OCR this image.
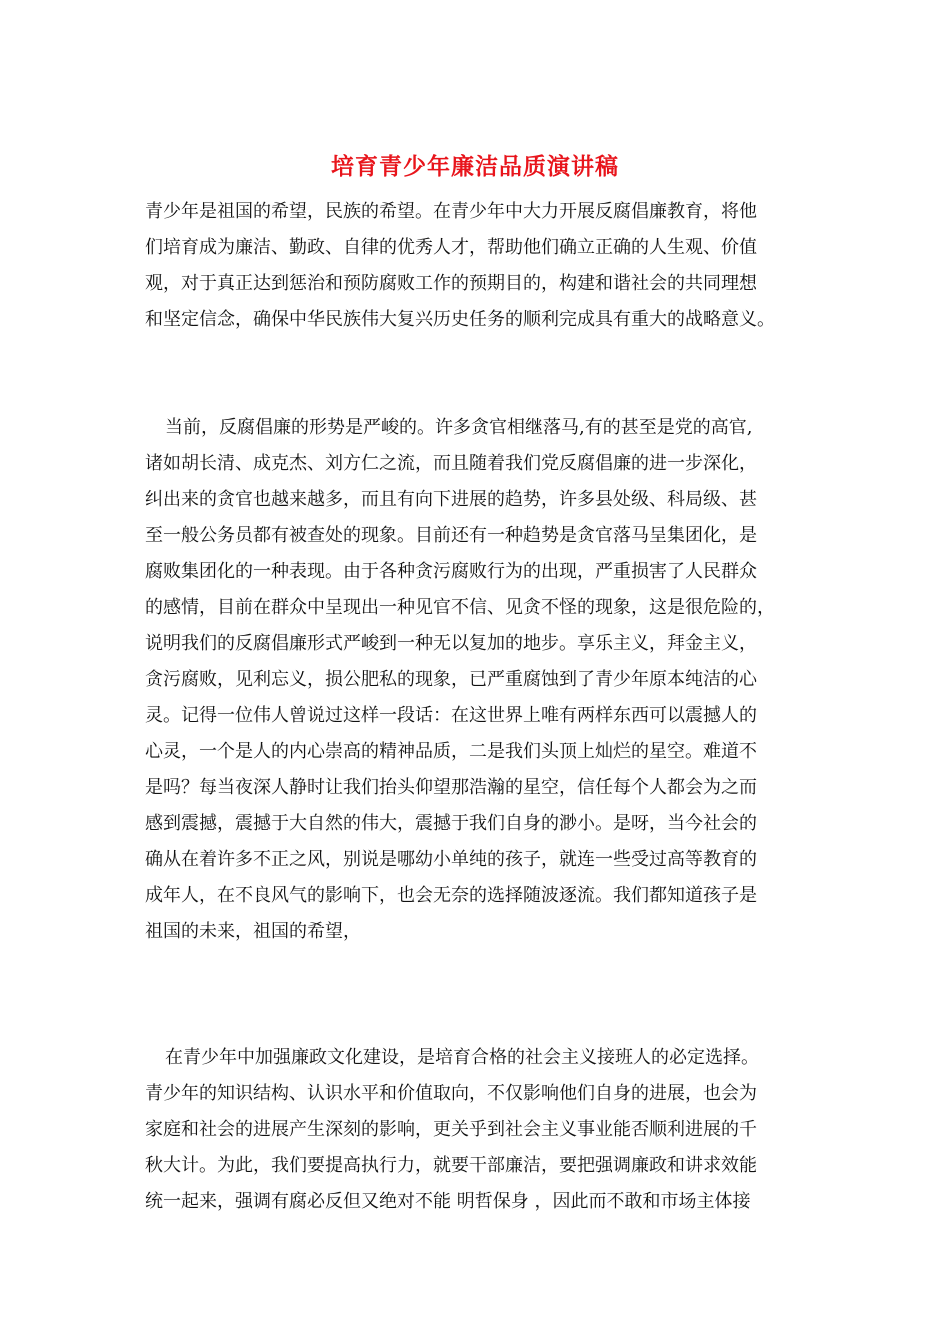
培育青少年廉洁品质演讲稿
青少年是祖国的希望，民族的希望。在青少年中大力开展反腐倡廉教育，将他
们培育成为廉洁、勤政、自律的优秀人才，帮助他们确立正确的人生观、价值
观，对于真正达到惩治和预防腐败工作的预期目的，构建和谐社会的共同理想
和坚定信念，确保中华民族伟大复兴历史任务的顺利完成具有重大的战略意义。
当前，反腐倡廉的形势是严峻的。许多贪官相继落马,有的甚至是党的高官,
诸如胡长清、成克杰、刘方仁之流，而且随着我们党反腐倡廉的进一步深化，
纠出来的贪官也越来越多，而且有向下进展的趋势，许多县处级、科局级、甚
至一般公务员都有被查处的现象。目前还有一种趋势是贪官落马呈集团化，是
腐败集团化的一种表现。由于各种贪污腐败行为的出现，严重损害了人民群众
的感情，目前在群众中呈现出一种见官不信、见贪不怪的现象，这是很危险的，
说明我们的反腐倡廉形式严峻到一种无以复加的地步。享乐主义，拜金主义，
贪污腐败，见利忘义，损公肥私的现象，已严重腐蚀到了青少年原本纯洁的心
灵。记得一位伟人曾说过这样一段话：在这世界上唯有两样东西可以震撼人的
心灵，一个是人的内心崇高的精神品质，二是我们头顶上灿烂的星空。难道不
是吗？每当夜深人静时让我们抬头仰望那浩瀚的星空，信任每个人都会为之而
感到震撼，震撼于大自然的伟大，震撼于我们自身的渺小。是呀，当今社会的
确从在着许多不正之风，别说是哪幼小单纯的孩子，就连一些受过高等教育的
成年人，在不良风气的影响下，也会无奈的选择随波逐流。我们都知道孩子是
祖国的未来，祖国的希望，
在青少年中加强廉政文化建设，是培育合格的社会主义接班人的必定选择。
青少年的知识结构、认识水平和价值取向，不仅影响他们自身的进展，也会为
家庭和社会的进展产生深刻的影响，更关乎到社会主义事业能否顺利进展的千
秋大计。为此，我们要提高执行力，就要干部廉洁，要把强调廉政和讲求效能
统一起来，强调有腐必反但又绝对不能 明哲保身 ，因此而不敢和市场主体接
